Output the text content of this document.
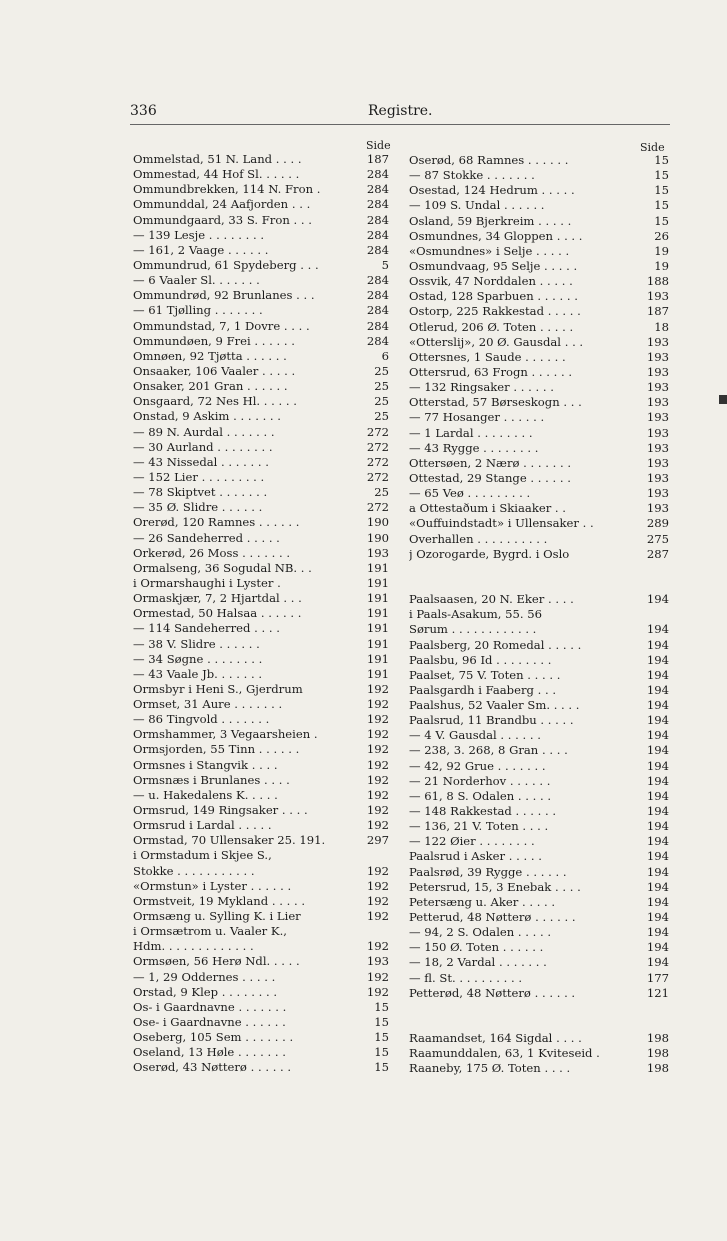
336	Registre.
Side	Side
Ommelstad, 51 N. Land . . . .	187
Ommestad, 44 Hof Sl. . . . . .	284
Ommundbrekken, 114 N. Fron .	284
Ommunddal, 24 Aafjorden . . .	284
Ommundgaard, 33 S. Fron . . .	284
— 139 Lesje . . . . . . . .	284
— 161, 2 Vaage . . . . . .	284
Ommundrud, 61 Spydeberg . . .	5
— 6 Vaaler Sl. . . . . . .	284
Ommundrød, 92 Brunlanes . . .	284
— 61 Tjølling . . . . . . .	284
Ommundstad, 7, 1 Dovre . . . .	284
Ommundøen, 9 Frei . . . . . .	284
Omnøen, 92 Tjøtta . . . . . .	6
Onsaaker, 106 Vaaler . . . . .	25
Onsaker, 201 Gran . . . . . .	25
Onsgaard, 72 Nes Hl. . . . . .	25
Onstad, 9 Askim . . . . . . .	25
— 89 N. Aurdal . . . . . . .	272
— 30 Aurland . . . . . . . .	272
— 43 Nissedal . . . . . . .	272
— 152 Lier . . . . . . . . .	272
— 78 Skiptvet . . . . . . .	25
— 35 Ø. Slidre . . . . . .	272
Orerød, 120 Ramnes . . . . . .	190
— 26 Sandeherred . . . . .	190
Orkerød, 26 Moss . . . . . . .	193
Ormalseng, 36 Sogudal NB. . .	191
i Ormarshaughi i Lyster .	191
Ormaskjær, 7, 2 Hjartdal . . .	191
Ormestad, 50 Halsaa . . . . . .	191
— 114 Sandeherred . . . .	191
— 38 V. Slidre . . . . . .	191
— 34 Søgne . . . . . . . .	191
— 43 Vaale Jb. . . . . . .	191
Ormsbyr i Heni S., Gjerdrum	192
Ormset, 31 Aure . . . . . . .	192
— 86 Tingvold . . . . . . .	192
Ormshammer, 3 Vegaarsheien .	192
Ormsjorden, 55 Tinn . . . . . .	192
Ormsnes i Stangvik . . . .	192
Ormsnæs i Brunlanes . . . .	192
— u. Hakedalens K. . . . .	192
Ormsrud, 149 Ringsaker . . . .	192
Ormsrud i Lardal . . . . .	192
Ormstad, 70 Ullensaker 25. 191.	297
i Ormstadum i Skjee S.,
Stokke . . . . . . . . . . .	192
«Ormstun» i Lyster . . . . . .	192
Ormstveit, 19 Mykland . . . . .	192
Ormsæng u. Sylling K. i Lier	192
i Ormsætrom u. Vaaler K.,
Hdm. . . . . . . . . . . . .	192
Ormsøen, 56 Herø Ndl. . . . .	193
— 1, 29 Oddernes . . . . .	192
Orstad, 9 Klep . . . . . . . .	192
Os- i Gaardnavne . . . . . . .	15
Ose- i Gaardnavne . . . . . .	15
Oseberg, 105 Sem . . . . . . .	15
Oseland, 13 Høle . . . . . . .	15
Oserød, 43 Nøtterø . . . . . .	15
Oserød, 68 Ramnes . . . . . .	15
— 87 Stokke . . . . . . .	15
Osestad, 124 Hedrum . . . . .	15
— 109 S. Undal . . . . . .	15
Osland, 59 Bjerkreim . . . . .	15
Osmundnes, 34 Gloppen . . . .	26
«Osmundnes» i Selje . . . . .	19
Osmundvaag, 95 Selje . . . . .	19
Ossvik, 47 Norddalen . . . . .	188
Ostad, 128 Sparbuen . . . . . .	193
Ostorp, 225 Rakkestad . . . . .	187
Otlerud, 206 Ø. Toten . . . . .	18
«Otterslij», 20 Ø. Gausdal . . .	193
Ottersnes, 1 Saude . . . . . .	193
Ottersrud, 63 Frogn . . . . . .	193
— 132 Ringsaker . . . . . .	193
Otterstad, 57 Børseskogn . . .	193
— 77 Hosanger . . . . . .	193
— 1 Lardal . . . . . . . .	193
— 43 Rygge . . . . . . . .	193
Ottersøen, 2 Nærø . . . . . . .	193
Ottestad, 29 Stange . . . . . .	193
— 65 Veø . . . . . . . . .	193
a Ottestaðum i Skiaaker . .	193
«Ouffuindstadt» i Ullensaker . .	289
Overhallen . . . . . . . . . .	275
j Ozorogarde, Bygrd. i Oslo	287
Paalsaasen, 20 N. Eker . . . .	194
i Paals-Asakum, 55. 56
Sørum . . . . . . . . . . . .	194
Paalsberg, 20 Romedal . . . . .	194
Paalsbu, 96 Id . . . . . . . .	194
Paalset, 75 V. Toten . . . . .	194
Paalsgardh i Faaberg . . .	194
Paalshus, 52 Vaaler Sm. . . . .	194
Paalsrud, 11 Brandbu . . . . .	194
— 4 V. Gausdal . . . . . .	194
— 238, 3. 268, 8 Gran . . . .	194
— 42, 92 Grue . . . . . . .	194
— 21 Norderhov . . . . . .	194
— 61, 8 S. Odalen . . . . .	194
— 148 Rakkestad . . . . . .	194
— 136, 21 V. Toten . . . .	194
— 122 Øier . . . . . . . .	194
Paalsrud i Asker . . . . .	194
Paalsrød, 39 Rygge . . . . . .	194
Petersrud, 15, 3 Enebak . . . .	194
Petersæng u. Aker . . . . .	194
Petterud, 48 Nøtterø . . . . . .	194
— 94, 2 S. Odalen . . . . .	194
— 150 Ø. Toten . . . . . .	194
— 18, 2 Vardal . . . . . . .	194
— fl. St. . . . . . . . . .	177
Petterød, 48 Nøtterø . . . . . .	121
Raamandset, 164 Sigdal . . . .	198
Raamunddalen, 63, 1 Kviteseid .	198
Raaneby, 175 Ø. Toten . . . .	198
